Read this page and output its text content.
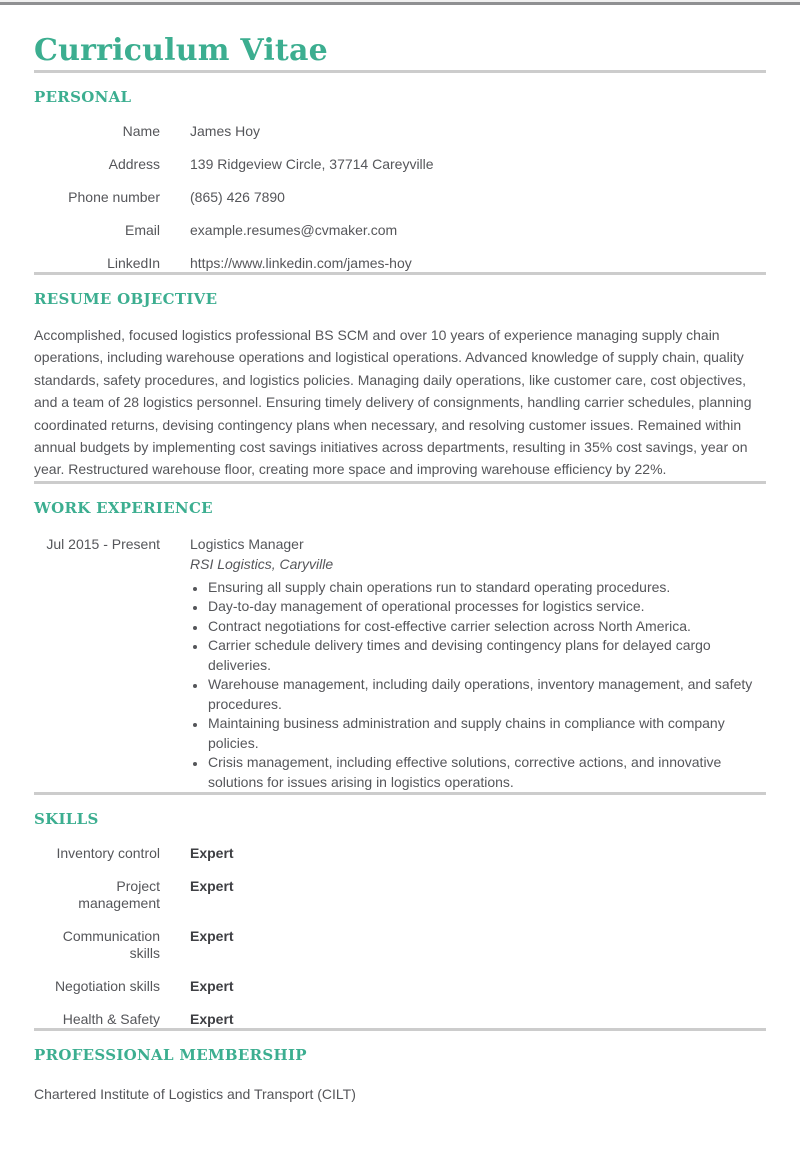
Curriculum Vitae
PERSONAL
Name James Hoy
Address 139 Ridgeview Circle, 37714 Careyville
Phone number (865) 426 7890
Email example.resumes@cvmaker.com
LinkedIn https://www.linkedin.com/james-hoy
RESUME OBJECTIVE

Accomplished, focused logistics professional BS SCM and over 10 years of experience managing supply chain operations, including warehouse operations and logistical operations. Advanced knowledge of supply chain, quality standards, safety procedures, and logistics policies. Managing daily operations, like customer care, cost objectives, and a team of 28 logistics personnel. Ensuring timely delivery of consignments, handling carrier schedules, planning coordinated returns, devising contingency plans when necessary, and resolving customer issues. Remained within annual budgets by implementing cost savings initiatives across departments, resulting in 35% cost savings, year on year. Restructured warehouse floor, creating more space and improving warehouse efficiency by 22%.

WORK EXPERIENCE
Jul 2015 - Present Logistics Manager
RSI Logistics, Caryville
• Ensuring all supply chain operations run to standard operating procedures.
• Day-to-day management of operational processes for logistics service.
• Contract negotiations for cost-effective carrier selection across North America.
• Carrier schedule delivery times and devising contingency plans for delayed cargo deliveries.
• Warehouse management, including daily operations, inventory management, and safety procedures.
• Maintaining business administration and supply chains in compliance with company policies.
• Crisis management, including effective solutions, corrective actions, and innovative solutions for issues arising in logistics operations.
SKILLS
Inventory control Expert
Project management
Expert
Communication skills
Expert
Negotiation skills Expert
Health & Safety Expert
PROFESSIONAL MEMBERSHIP

Chartered Institute of Logistics and Transport (CILT)
